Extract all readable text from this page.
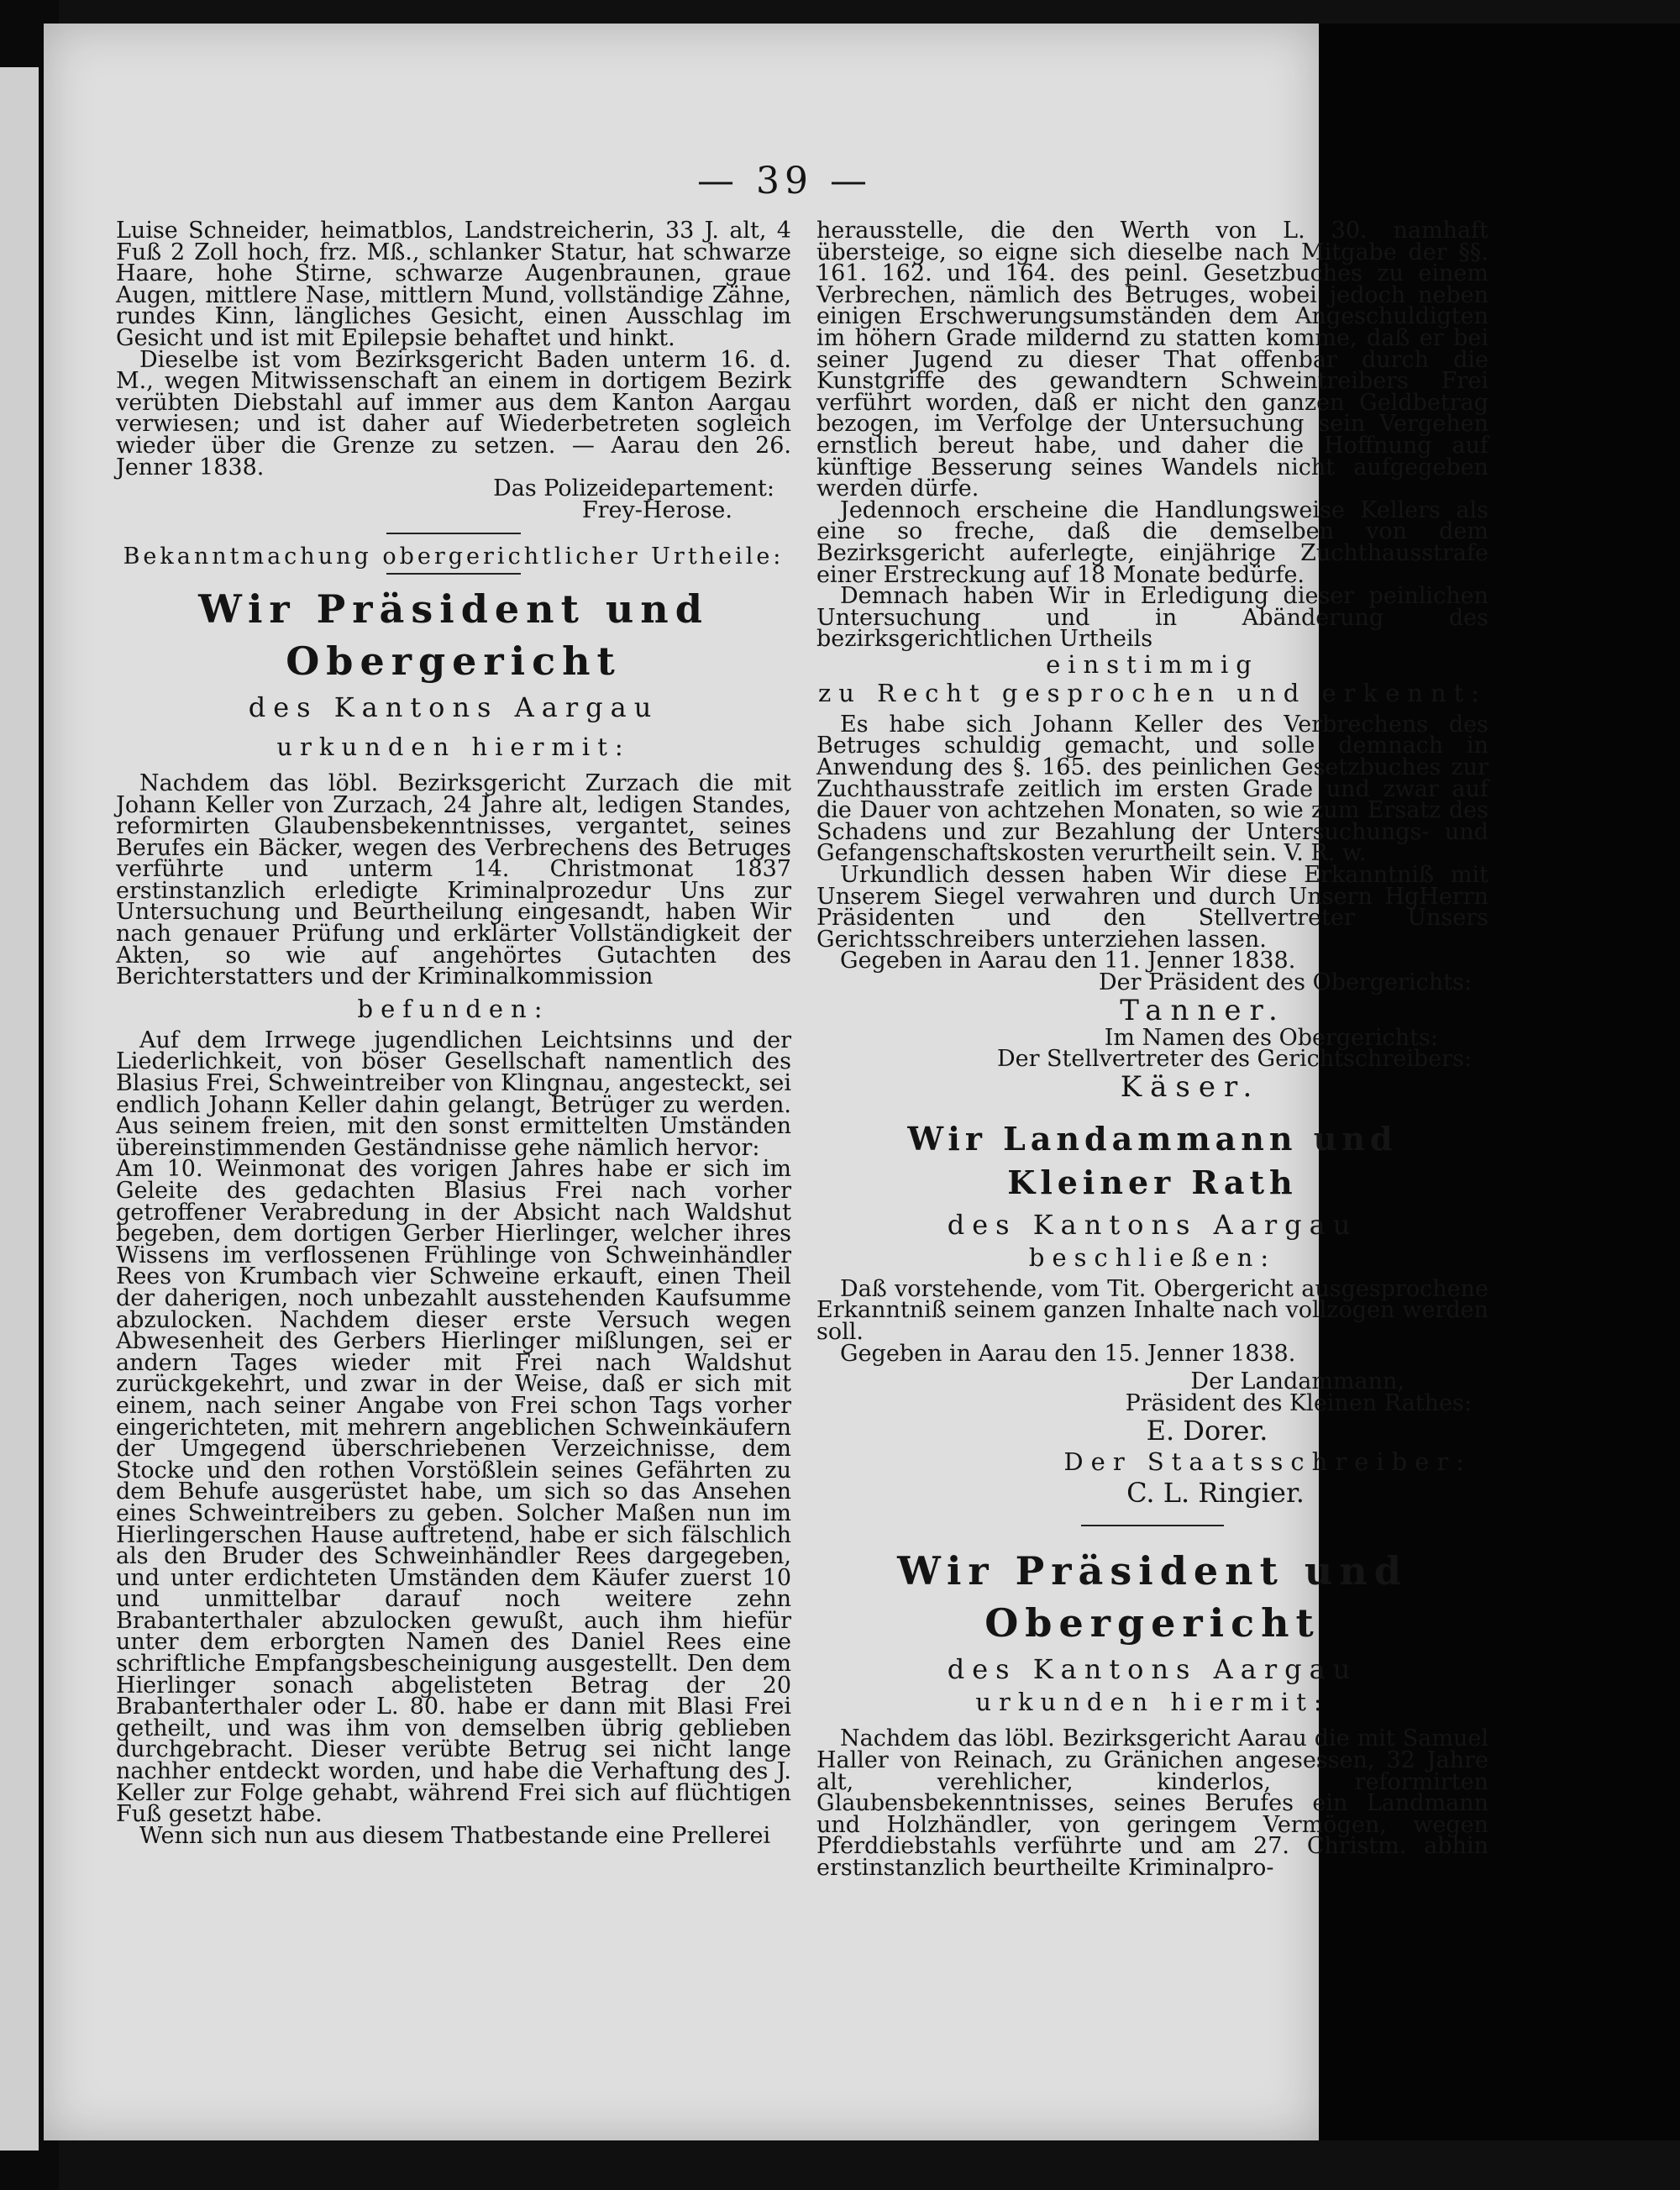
— 39 —

Luise Schneider, heimatblos, Landstreicherin, 33 J. alt, 4 Fuß 2 Zoll hoch, frz. Mß., schlanker Statur, hat schwarze Haare, hohe Stirne, schwarze Augenbraunen, graue Augen, mittlere Nase, mittlern Mund, vollständige Zähne, rundes Kinn, längliches Gesicht, einen Ausschlag im Gesicht und ist mit Epilepsie behaftet und hinkt.

Dieselbe ist vom Bezirksgericht Baden unterm 16. d. M., wegen Mitwissenschaft an einem in dortigem Bezirk verübten Diebstahl auf immer aus dem Kanton Aargau verwiesen; und ist daher auf Wiederbetreten sogleich wieder über die Grenze zu setzen. — Aarau den 26. Jenner 1838.

Das Polizeidepartement:

Frey-Herose.

Bekanntmachung obergerichtlicher Urtheile:

Wir Präsident und Obergericht
des Kantons Aargau
urkunden hiermit:

Nachdem das löbl. Bezirksgericht Zurzach die mit Johann Keller von Zurzach, 24 Jahre alt, ledigen Standes, reformirten Glaubensbekenntnisses, vergantet, seines Berufes ein Bäcker, wegen des Verbrechens des Betruges verführte und unterm 14. Christmonat 1837 erstinstanzlich erledigte Kriminalprozedur Uns zur Untersuchung und Beurtheilung eingesandt, haben Wir nach genauer Prüfung und erklärter Vollständigkeit der Akten, so wie auf angehörtes Gutachten des Berichterstatters und der Kriminalkommission

befunden:

Auf dem Irrwege jugendlichen Leichtsinns und der Liederlichkeit, von böser Gesellschaft namentlich des Blasius Frei, Schweintreiber von Klingnau, angesteckt, sei endlich Johann Keller dahin gelangt, Betrüger zu werden. Aus seinem freien, mit den sonst ermittelten Umständen übereinstimmenden Geständnisse gehe nämlich hervor:

Am 10. Weinmonat des vorigen Jahres habe er sich im Geleite des gedachten Blasius Frei nach vorher getroffener Verabredung in der Absicht nach Waldshut begeben, dem dortigen Gerber Hierlinger, welcher ihres Wissens im verflossenen Frühlinge von Schweinhändler Rees von Krumbach vier Schweine erkauft, einen Theil der daherigen, noch unbezahlt ausstehenden Kaufsumme abzulocken. Nachdem dieser erste Versuch wegen Abwesenheit des Gerbers Hierlinger mißlungen, sei er andern Tages wieder mit Frei nach Waldshut zurückgekehrt, und zwar in der Weise, daß er sich mit einem, nach seiner Angabe von Frei schon Tags vorher eingerichteten, mit mehrern angeblichen Schweinkäufern der Umgegend überschriebenen Verzeichnisse, dem Stocke und den rothen Vorstößlein seines Gefährten zu dem Behufe ausgerüstet habe, um sich so das Ansehen eines Schweintreibers zu geben. Solcher Maßen nun im Hierlingerschen Hause auftretend, habe er sich fälschlich als den Bruder des Schweinhändler Rees dargegeben, und unter erdichteten Umständen dem Käufer zuerst 10 und unmittelbar darauf noch weitere zehn Brabanterthaler abzulocken gewußt, auch ihm hiefür unter dem erborgten Namen des Daniel Rees eine schriftliche Empfangsbescheinigung ausgestellt. Den dem Hierlinger sonach abgelisteten Betrag der 20 Brabanterthaler oder L. 80. habe er dann mit Blasi Frei getheilt, und was ihm von demselben übrig geblieben durchgebracht. Dieser verübte Betrug sei nicht lange nachher entdeckt worden, und habe die Verhaftung des J. Keller zur Folge gehabt, während Frei sich auf flüchtigen Fuß gesetzt habe.

Wenn sich nun aus diesem Thatbestande eine Prellerei

herausstelle, die den Werth von L. 30. namhaft übersteige, so eigne sich dieselbe nach Mitgabe der §§. 161. 162. und 164. des peinl. Gesetzbuches zu einem Verbrechen, nämlich des Betruges, wobei jedoch neben einigen Erschwerungsumständen dem Angeschuldigten im höhern Grade mildernd zu statten komme, daß er bei seiner Jugend zu dieser That offenbar durch die Kunstgriffe des gewandtern Schweintreibers Frei verführt worden, daß er nicht den ganzen Geldbetrag bezogen, im Verfolge der Untersuchung sein Vergehen ernstlich bereut habe, und daher die Hoffnung auf künftige Besserung seines Wandels nicht aufgegeben werden dürfe.

Jedennoch erscheine die Handlungsweise Kellers als eine so freche, daß die demselben von dem Bezirksgericht auferlegte, einjährige Zuchthausstrafe einer Erstreckung auf 18 Monate bedürfe.

Demnach haben Wir in Erledigung dieser peinlichen Untersuchung und in Abänderung des bezirksgerichtlichen Urtheils

einstimmig
zu Recht gesprochen und erkennt:

Es habe sich Johann Keller des Verbrechens des Betruges schuldig gemacht, und solle demnach in Anwendung des §. 165. des peinlichen Gesetzbuches zur Zuchthausstrafe zeitlich im ersten Grade und zwar auf die Dauer von achtzehen Monaten, so wie zum Ersatz des Schadens und zur Bezahlung der Untersuchungs- und Gefangenschaftskosten verurtheilt sein. V. R. w.

Urkundlich dessen haben Wir diese Erkanntniß mit Unserem Siegel verwahren und durch Unsern HgHerrn Präsidenten und den Stellvertreter Unsers Gerichtsschreibers unterziehen lassen.

Gegeben in Aarau den 11. Jenner 1838.

Der Präsident des Obergerichts:

Tanner.

Im Namen des Obergerichts:

Der Stellvertreter des Gerichtschreibers:

Käser.

Wir Landammann und Kleiner Rath
des Kantons Aargau
beschließen:

Daß vorstehende, vom Tit. Obergericht ausgesprochene Erkanntniß seinem ganzen Inhalte nach vollzogen werden soll.

Gegeben in Aarau den 15. Jenner 1838.

Der Landammann,

Präsident des Kleinen Rathes:

E. Dorer.

Der Staatsschreiber:

C. L. Ringier.

Wir Präsident und Obergericht
des Kantons Aargau
urkunden hiermit:

Nachdem das löbl. Bezirksgericht Aarau die mit Samuel Haller von Reinach, zu Gränichen angesessen, 32 Jahre alt, verehlicher, kinderlos, reformirten Glaubensbekenntnisses, seines Berufes ein Landmann und Holzhändler, von geringem Vermögen, wegen Pferddiebstahls verführte und am 27. Christm. abhin erstinstanzlich beurtheilte Kriminalpro-
